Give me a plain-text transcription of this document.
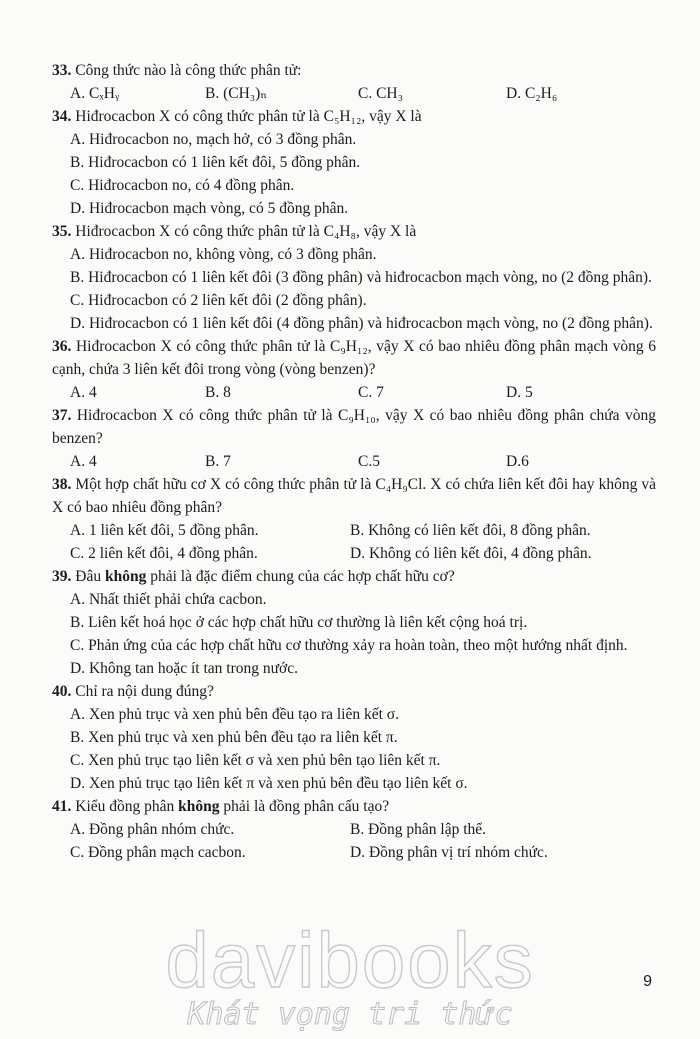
33. Công thức nào là công thức phân tử:
A. CₓHᵧ	B. (CH₃)ₙ	C. CH₃	D. C₂H₆
34. Hiđrocacbon X có công thức phân tử là C₅H₁₂, vậy X là
A. Hiđrocacbon no, mạch hở, có 3 đồng phân.
B. Hiđrocacbon có 1 liên kết đôi, 5 đồng phân.
C. Hiđrocacbon no, có 4 đồng phân.
D. Hiđrocacbon mạch vòng, có 5 đồng phân.
35. Hiđrocacbon X có công thức phân tử là C₄H₈, vậy X là
A. Hiđrocacbon no, không vòng, có 3 đồng phân.
B. Hiđrocacbon có 1 liên kết đôi (3 đồng phân) và hiđrocacbon mạch vòng, no (2 đồng phân).
C. Hiđrocacbon có 2 liên kết đôi (2 đồng phân).
D. Hiđrocacbon có 1 liên kết đôi (4 đồng phân) và hiđrocacbon mạch vòng, no (2 đồng phân).
36. Hiđrocacbon X có công thức phân tử là C₉H₁₂, vậy X có bao nhiêu đồng phân mạch vòng 6 cạnh, chứa 3 liên kết đôi trong vòng (vòng benzen)?
A. 4	B. 8	C. 7	D. 5
37. Hiđrocacbon X có công thức phân tử là C₉H₁₀, vậy X có bao nhiêu đồng phân chứa vòng benzen?
A. 4	B. 7	C.5	D.6
38. Một hợp chất hữu cơ X có công thức phân tử là C₄H₉Cl. X có chứa liên kết đôi hay không và X có bao nhiêu đồng phân?
A. 1 liên kết đôi, 5 đồng phân.	B. Không có liên kết đôi, 8 đồng phân.
C. 2 liên kết đôi, 4 đồng phân.	D. Không có liên kết đôi, 4 đồng phân.
39. Đâu không phải là đặc điểm chung của các hợp chất hữu cơ?
A. Nhất thiết phải chứa cacbon.
B. Liên kết hoá học ở các hợp chất hữu cơ thường là liên kết cộng hoá trị.
C. Phản ứng của các hợp chất hữu cơ thường xảy ra hoàn toàn, theo một hướng nhất định.
D. Không tan hoặc ít tan trong nước.
40. Chỉ ra nội dung đúng?
A. Xen phủ trục và xen phủ bên đều tạo ra liên kết σ.
B. Xen phủ trục và xen phủ bên đều tạo ra liên kết π.
C. Xen phủ trục tạo liên kết σ và xen phủ bên tạo liên kết π.
D. Xen phủ trục tạo liên kết π và xen phủ bên đều tạo liên kết σ.
41. Kiểu đồng phân không phải là đồng phân cấu tạo?
A. Đồng phân nhóm chức.	B. Đồng phân lập thể.
C. Đồng phân mạch cacbon.	D. Đồng phân vị trí nhóm chức.
davibooks
Khát vọng tri thức
9
